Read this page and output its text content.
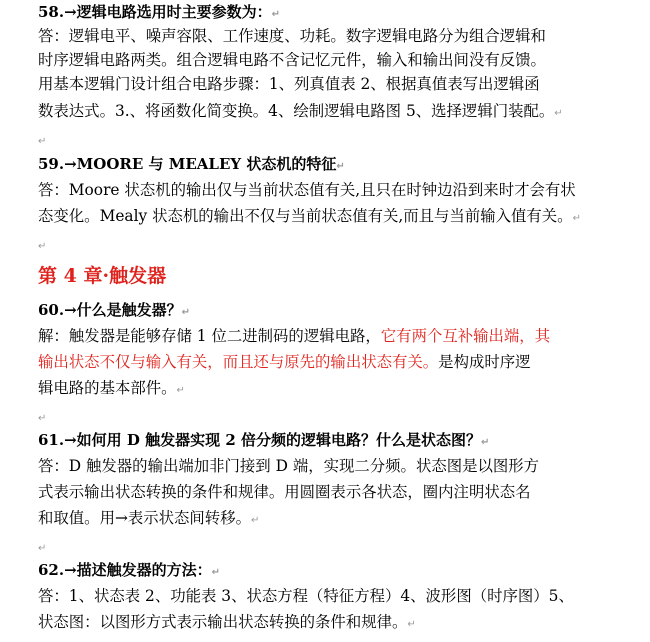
58.→逻辑电路选用时主要参数为：↵
答：逻辑电平、噪声容限、工作速度、功耗。数字逻辑电路分为组合逻辑和
时序逻辑电路两类。组合逻辑电路不含记忆元件，输入和输出间没有反馈。
用基本逻辑门设计组合电路步骤：1、列真值表 2、根据真值表写出逻辑函
数表达式。3.、将函数化简变换。4、绘制逻辑电路图 5、选择逻辑门装配。↵
↵
59.→MOORE 与 MEALEY 状态机的特征↵
答：Moore 状态机的输出仅与当前状态值有关,且只在时钟边沿到来时才会有状
态变化。Mealy 状态机的输出不仅与当前状态值有关,而且与当前输入值有关。↵
↵
第 4 章·触发器
60.→什么是触发器？↵
解：触发器是能够存储 1 位二进制码的逻辑电路，它有两个互补输出端，其
输出状态不仅与输入有关，而且还与原先的输出状态有关。是构成时序逻
辑电路的基本部件。↵
↵
61.→如何用 D 触发器实现 2 倍分频的逻辑电路？什么是状态图？↵
答：D 触发器的输出端加非门接到 D 端，实现二分频。状态图是以图形方
式表示输出状态转换的条件和规律。用圆圈表示各状态，圈内注明状态名
和取值。用→表示状态间转移。↵
↵
62.→描述触发器的方法：↵
答：1、状态表 2、功能表 3、状态方程（特征方程）4、波形图（时序图）5、
状态图：以图形方式表示输出状态转换的条件和规律。↵
